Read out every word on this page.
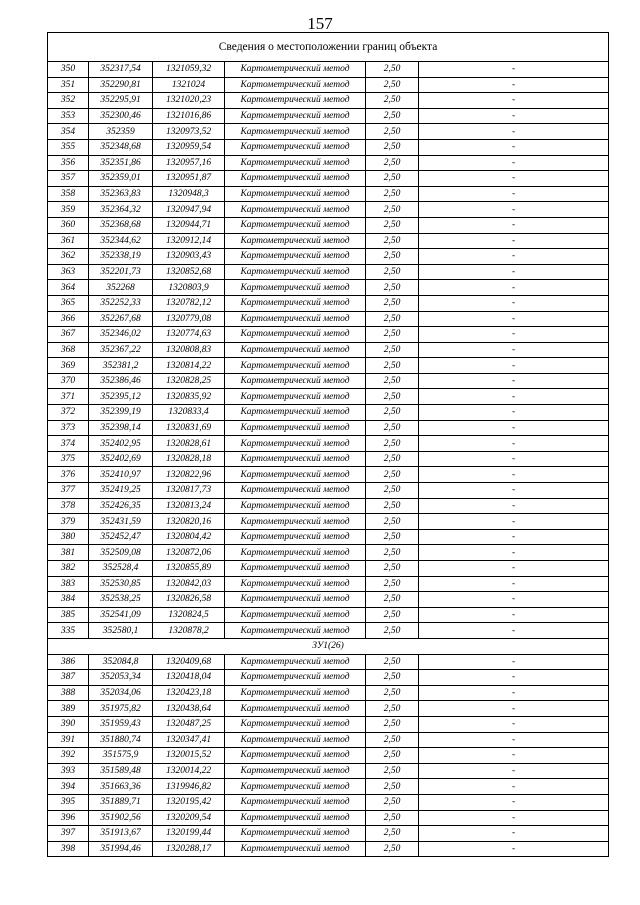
157
Сведения о местоположении границ объекта					
350	352317,54	1321059,32	Картометрический метод	2,50	-
351	352290,81	1321024	Картометрический метод	2,50	-
352	352295,91	1321020,23	Картометрический метод	2,50	-
353	352300,46	1321016,86	Картометрический метод	2,50	-
354	352359	1320973,52	Картометрический метод	2,50	-
355	352348,68	1320959,54	Картометрический метод	2,50	-
356	352351,86	1320957,16	Картометрический метод	2,50	-
357	352359,01	1320951,87	Картометрический метод	2,50	-
358	352363,83	1320948,3	Картометрический метод	2,50	-
359	352364,32	1320947,94	Картометрический метод	2,50	-
360	352368,68	1320944,71	Картометрический метод	2,50	-
361	352344,62	1320912,14	Картометрический метод	2,50	-
362	352338,19	1320903,43	Картометрический метод	2,50	-
363	352201,73	1320852,68	Картометрический метод	2,50	-
364	352268	1320803,9	Картометрический метод	2,50	-
365	352252,33	1320782,12	Картометрический метод	2,50	-
366	352267,68	1320779,08	Картометрический метод	2,50	-
367	352346,02	1320774,63	Картометрический метод	2,50	-
368	352367,22	1320808,83	Картометрический метод	2,50	-
369	352381,2	1320814,22	Картометрический метод	2,50	-
370	352386,46	1320828,25	Картометрический метод	2,50	-
371	352395,12	1320835,92	Картометрический метод	2,50	-
372	352399,19	1320833,4	Картометрический метод	2,50	-
373	352398,14	1320831,69	Картометрический метод	2,50	-
374	352402,95	1320828,61	Картометрический метод	2,50	-
375	352402,69	1320828,18	Картометрический метод	2,50	-
376	352410,97	1320822,96	Картометрический метод	2,50	-
377	352419,25	1320817,73	Картометрический метод	2,50	-
378	352426,35	1320813,24	Картометрический метод	2,50	-
379	352431,59	1320820,16	Картометрический метод	2,50	-
380	352452,47	1320804,42	Картометрический метод	2,50	-
381	352509,08	1320872,06	Картометрический метод	2,50	-
382	352528,4	1320855,89	Картометрический метод	2,50	-
383	352530,85	1320842,03	Картометрический метод	2,50	-
384	352538,25	1320826,58	Картометрический метод	2,50	-
385	352541,09	1320824,5	Картометрический метод	2,50	-
335	352580,1	1320878,2	Картометрический метод	2,50	-
ЗУ1(26)					
386	352084,8	1320409,68	Картометрический метод	2,50	-
387	352053,34	1320418,04	Картометрический метод	2,50	-
388	352034,06	1320423,18	Картометрический метод	2,50	-
389	351975,82	1320438,64	Картометрический метод	2,50	-
390	351959,43	1320487,25	Картометрический метод	2,50	-
391	351880,74	1320347,41	Картометрический метод	2,50	-
392	351575,9	1320015,52	Картометрический метод	2,50	-
393	351589,48	1320014,22	Картометрический метод	2,50	-
394	351663,36	1319946,82	Картометрический метод	2,50	-
395	351889,71	1320195,42	Картометрический метод	2,50	-
396	351902,56	1320209,54	Картометрический метод	2,50	-
397	351913,67	1320199,44	Картометрический метод	2,50	-
398	351994,46	1320288,17	Картометрический метод	2,50	-
